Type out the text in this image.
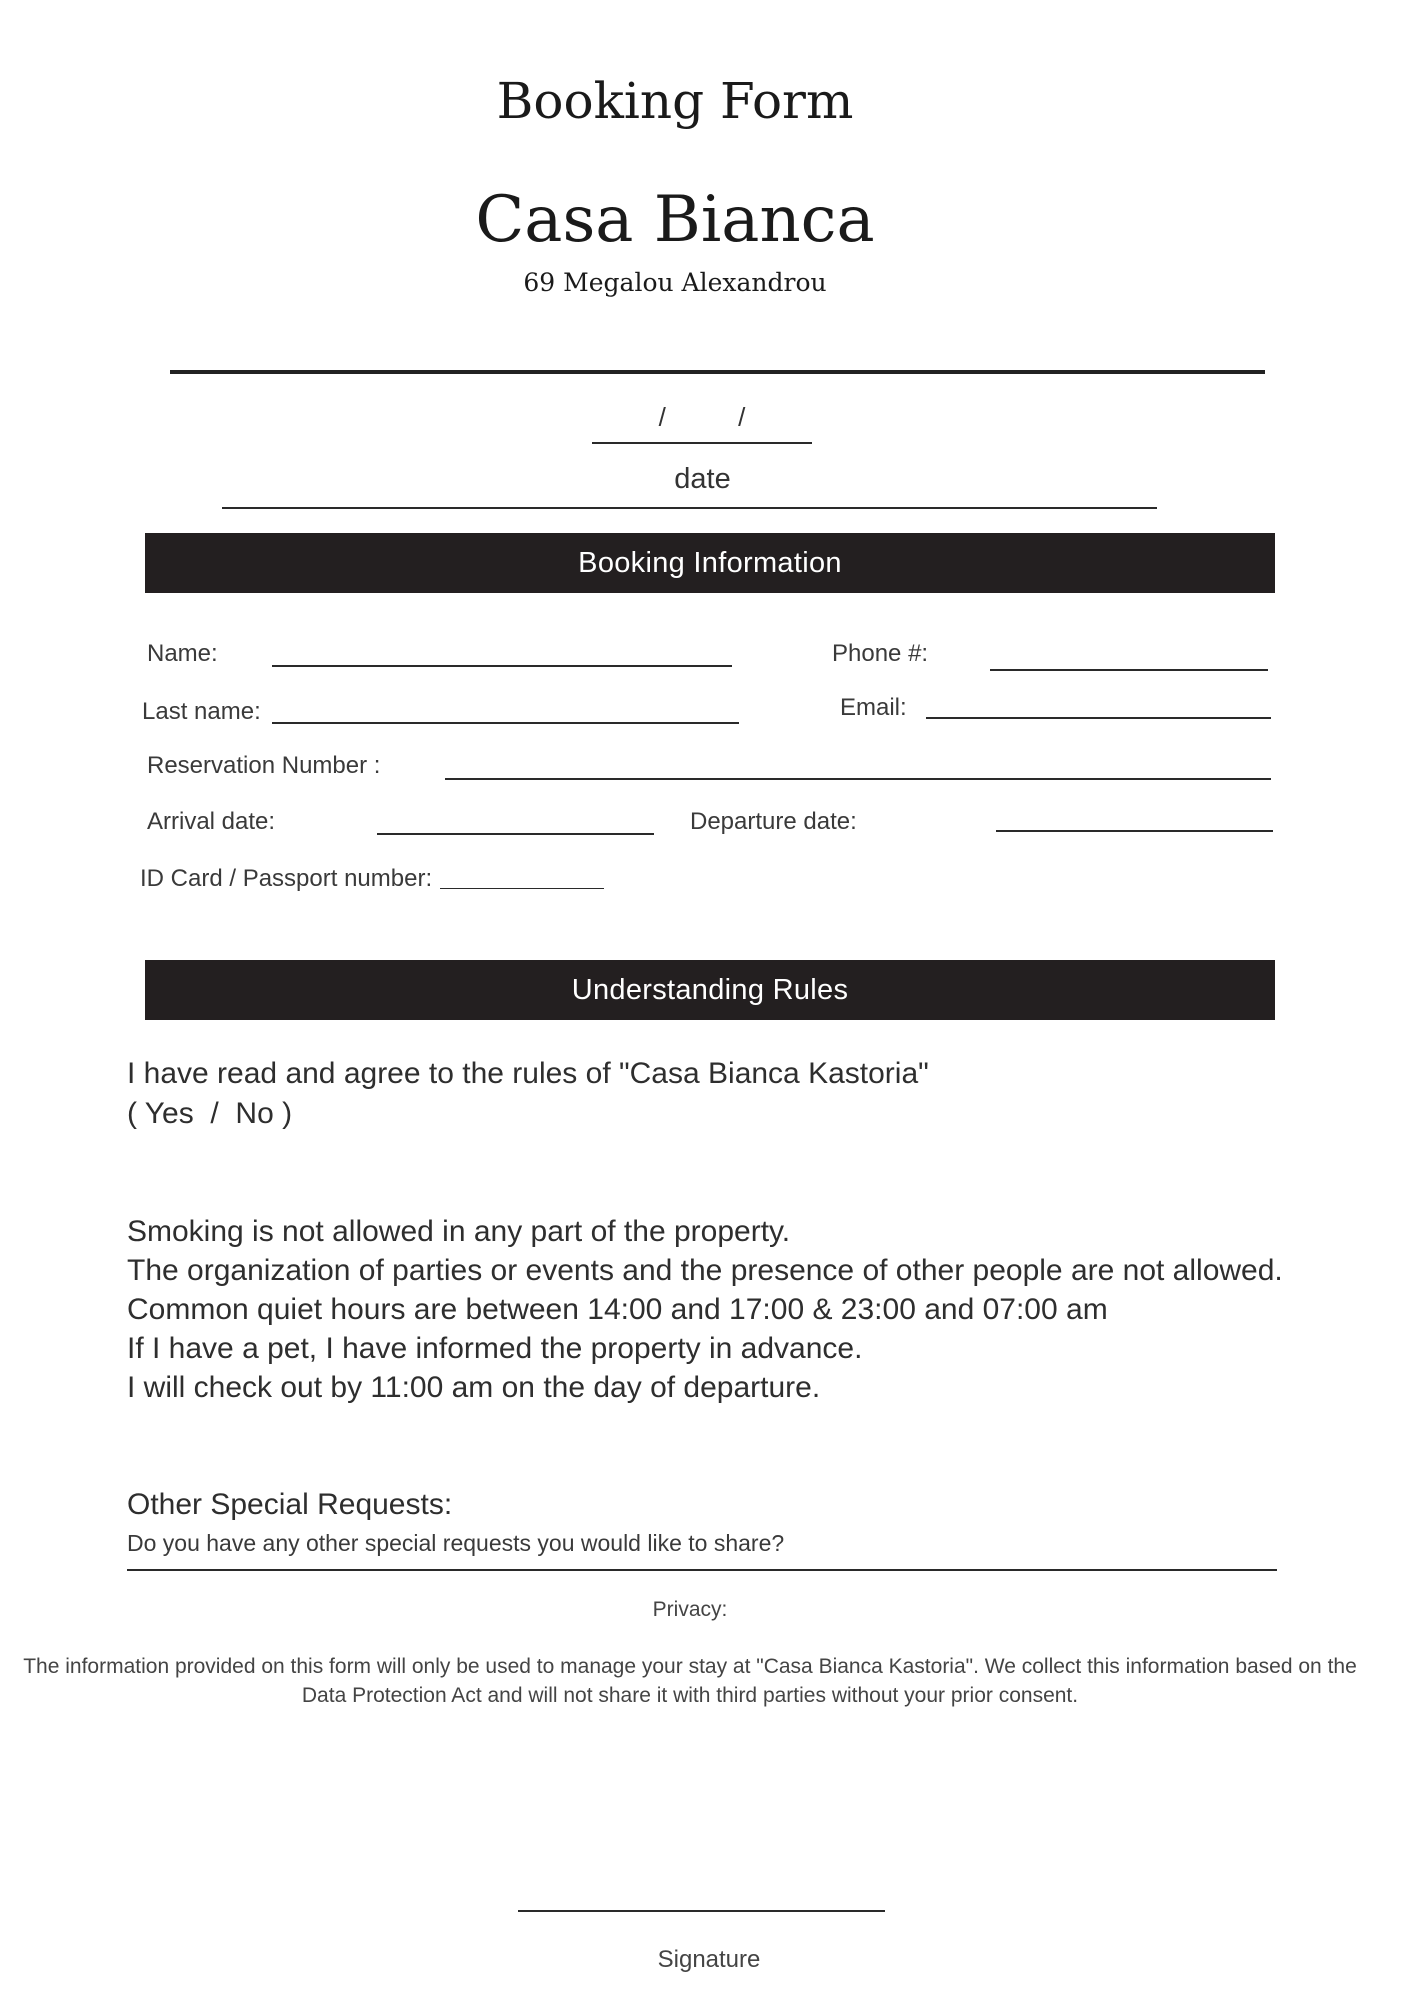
Booking Form
Casa Bianca
69 Megalou Alexandrou
/          /
date
Booking Information
Name:	Phone #:
Last name:	Email:
Reservation Number :
Arrival date:	Departure date:
ID Card / Passport number:
Understanding Rules
I have read and agree to the rules of "Casa Bianca Kastoria"
( Yes  /  No )
Smoking is not allowed in any part of the property.
The organization of parties or events and the presence of other people are not allowed.
Common quiet hours are between 14:00 and 17:00 & 23:00 and 07:00 am
If I have a pet, I have informed the property in advance.
I will check out by 11:00 am on the day of departure.
Other Special Requests:
Do you have any other special requests you would like to share?
Privacy:
The information provided on this form will only be used to manage your stay at "Casa Bianca Kastoria". We collect this information based on the
Data Protection Act and will not share it with third parties without your prior consent.
Signature
